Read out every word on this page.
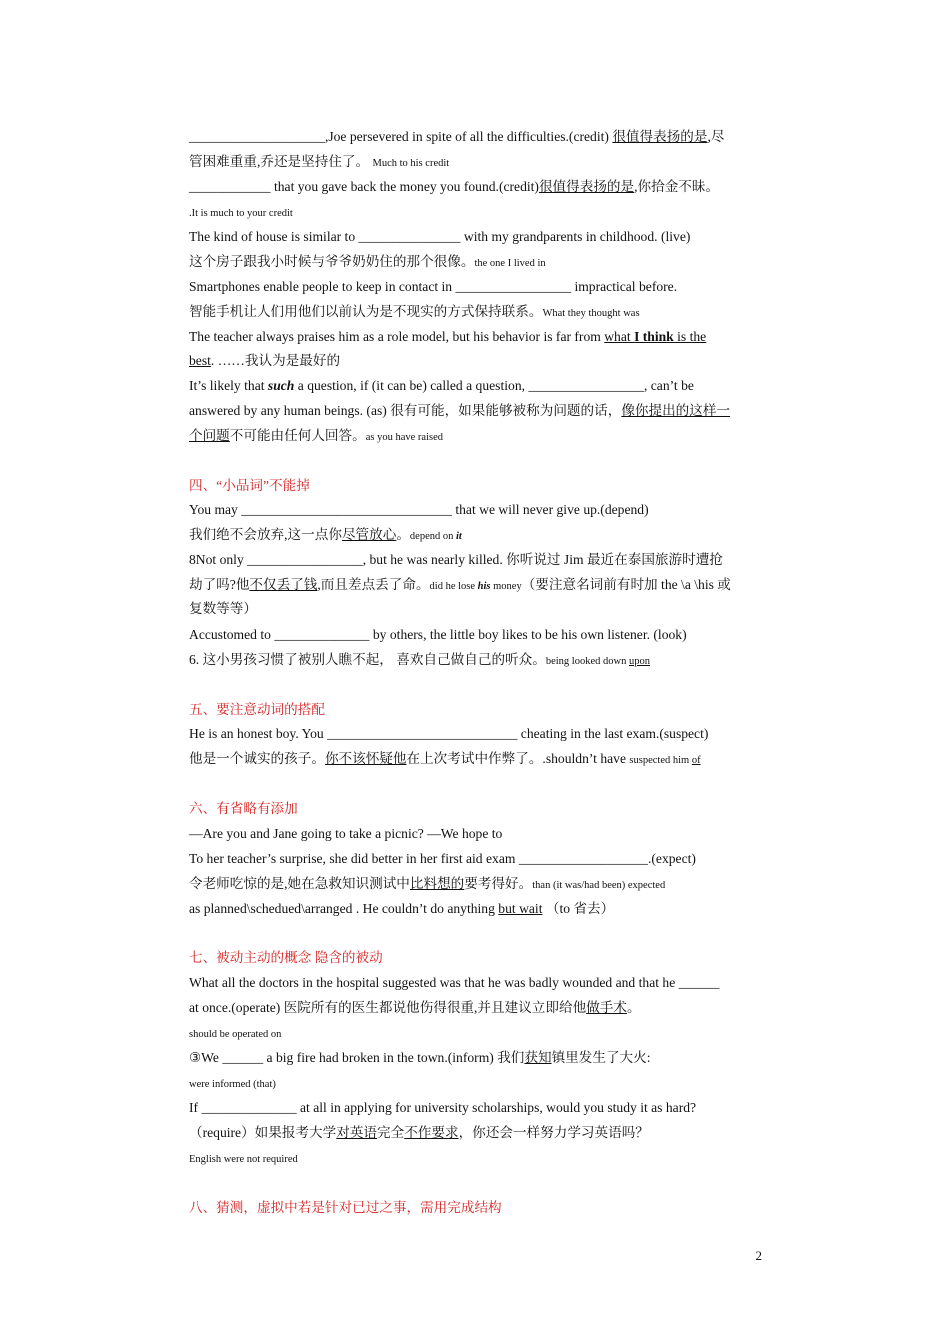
____________________,Joe persevered in spite of all the difficulties.(credit) 很值得表扬的是,尽
管困难重重,乔还是坚持住了。 Much to his credit
____________ that you gave back the money you found.(credit)很值得表扬的是,你拾金不昧。
.It is much to your credit
The kind of house is similar to _______________ with my grandparents in childhood. (live)
这个房子跟我小时候与爷爷奶奶住的那个很像。the one I lived in
Smartphones enable people to keep in contact in _________________ impractical before.
智能手机让人们用他们以前认为是不现实的方式保持联系。What they thought was
The teacher always praises him as a role model, but his behavior is far from what I think is the
best. ……我认为是最好的
It’s likely that such a question, if (it can be) called a question, _________________, can’t be
answered by any human beings. (as) 很有可能，如果能够被称为问题的话，像你提出的这样一
个问题不可能由任何人回答。as you have raised
四、“小品词”不能掉
You may _______________________________ that we will never give up.(depend)
我们绝不会放弃,这一点你尽管放心。depend on it
8Not only _________________, but he was nearly killed. 你听说过 Jim 最近在泰国旅游时遭抢
劫了吗?他不仅丢了钱,而且差点丢了命。did he lose his money（要注意名词前有时加 the \a \his 或
复数等等）
Accustomed to ______________ by others, the little boy likes to be his own listener. (look)
6. 这小男孩习惯了被别人瞧不起， 喜欢自己做自己的听众。being looked down upon
五、要注意动词的搭配
He is an honest boy. You ____________________________ cheating in the last exam.(suspect)
他是一个诚实的孩子。你不该怀疑他在上次考试中作弊了。.shouldn’t have suspected him of
六、有省略有添加
—Are you and Jane going to take a picnic? —We hope to
To her teacher’s surprise, she did better in her first aid exam ___________________.(expect)
令老师吃惊的是,她在急救知识测试中比料想的要考得好。than (it was/had been) expected
as planned\schedued\arranged . He couldn’t do anything but wait （to 省去）
七、被动主动的概念 隐含的被动
What all the doctors in the hospital suggested was that he was badly wounded and that he ______
at once.(operate) 医院所有的医生都说他伤得很重,并且建议立即给他做手术。
should be operated on
③We ______ a big fire had broken in the town.(inform) 我们获知镇里发生了大火:
were informed (that)
If ______________ at all in applying for university scholarships, would you study it as hard?
（require）如果报考大学对英语完全不作要求，你还会一样努力学习英语吗？
English were not required
八、猜测，虚拟中若是针对已过之事，需用完成结构
2
